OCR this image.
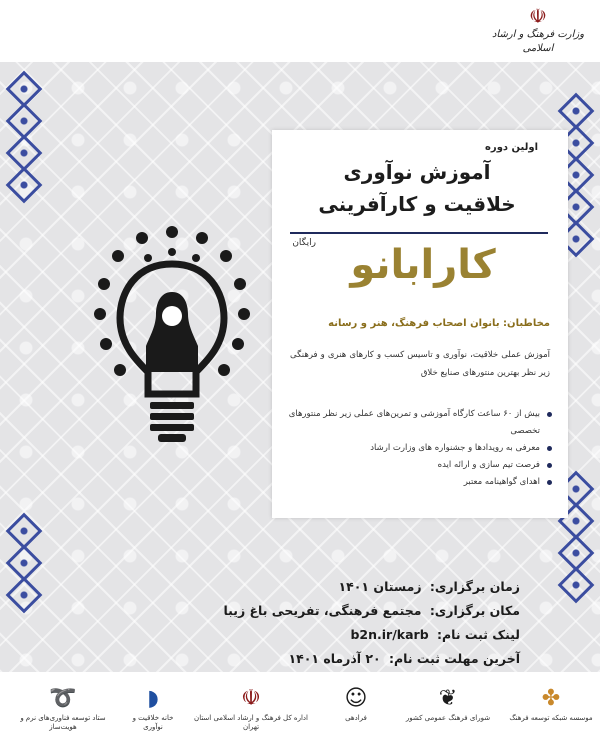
☫
وزارت فرهنگ و ارشاد اسلامی
اولین دوره
آموزش نوآوری
خلاقیت و کارآفرینی
رایگان کارابانو
مخاطبان: بانوان اصحاب فرهنگ، هنر و رسانه
آموزش عملی خلاقیت، نوآوری و تاسیس کسب و کارهای هنری و فرهنگی زیر نظر بهترین منتورهای صنایع خلاق
بیش از ۶۰ ساعت کارگاه آموزشی و تمرین‌های عملی زیر نظر منتورهای تخصصی
معرفی به رویدادها و جشنواره های وزارت ارشاد
فرصت تیم سازی و ارائه ایده
اهدای گواهینامه معتبر
زمان برگزاری: زمستان ۱۴۰۱
مکان برگزاری: مجتمع فرهنگی، تفریحی باغ زیبا
لینک ثبت نام: b2n.ir/karb
آخرین مهلت ثبت نام: ۲۰ آذرماه ۱۴۰۱
✤
موسسه شبکه توسعه فرهنگ
❦
شورای فرهنگ عمومی کشور
☺
فرادهی
☫
اداره کل فرهنگ و ارشاد اسلامی استان تهران
◗
خانه خلاقیت و نوآوری
➰
ستاد توسعه فناوری‌های نرم و هویت‌ساز
